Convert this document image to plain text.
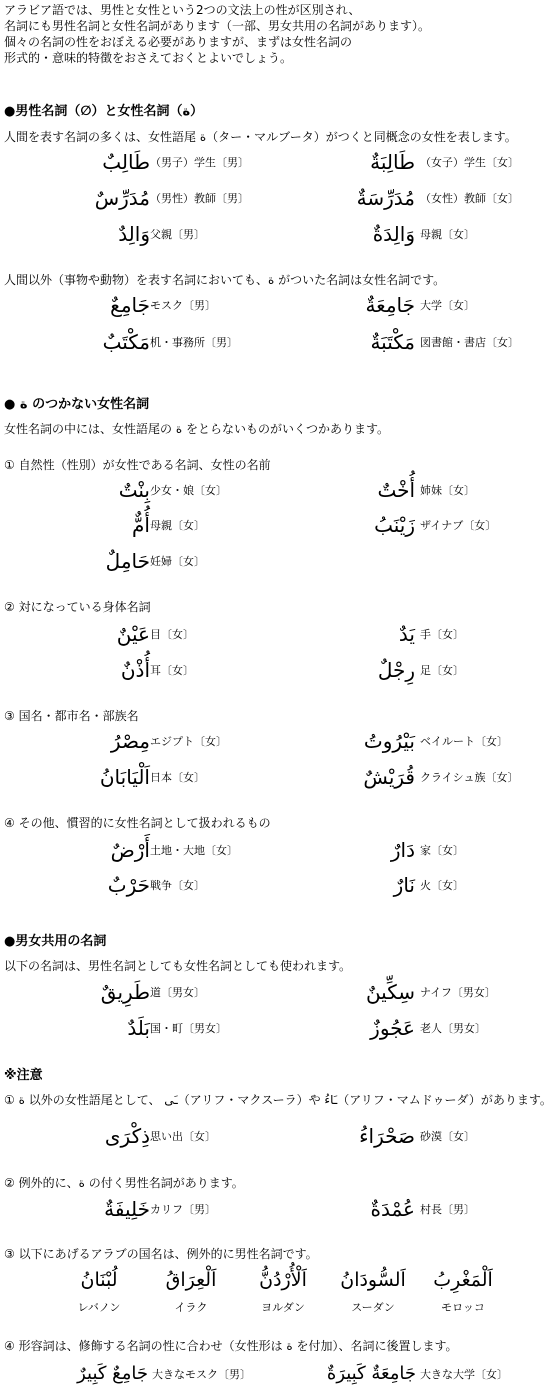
アラビア語では、男性と女性という2つの文法上の性が区別され、
名詞にも男性名詞と女性名詞があります（一部、男女共用の名詞があります）。
個々の名詞の性をおぼえる必要がありますが、まずは女性名詞の
形式的・意味的特徴をおさえておくとよいでしょう。
●男性名詞（∅）と女性名詞（ة）
人間を表す名詞の多くは、女性語尾 ة（ター・マルブータ）がつくと同概念の女性を表します。
طَالِبٌ （男子）学生〔男〕	طَالِبَةٌ （女子）学生〔女〕
مُدَرِّسٌ （男性）教師〔男〕	مُدَرِّسَةٌ （女性）教師〔女〕
وَالِدٌ 父親〔男〕	وَالِدَةٌ 母親〔女〕
人間以外（事物や動物）を表す名詞においても、ة がついた名詞は女性名詞です。
جَامِعٌ モスク〔男〕	جَامِعَةٌ 大学〔女〕
مَكْتَبٌ 机・事務所〔男〕	مَكْتَبَةٌ 図書館・書店〔女〕
● ة のつかない女性名詞
女性名詞の中には、女性語尾の ة をとらないものがいくつかあります。
① 自然性（性別）が女性である名詞、女性の名前
بِنْتٌ 少女・娘〔女〕	أُخْتٌ 姉妹〔女〕
أُمٌّ 母親〔女〕	زَيْنَبُ ザイナブ〔女〕
حَامِلٌ 妊婦〔女〕
② 対になっている身体名詞
عَيْنٌ 目〔女〕	يَدٌ 手〔女〕
أُذْنٌ 耳〔女〕	رِجْلٌ 足〔女〕
③ 国名・都市名・部族名
مِصْرُ エジプト〔女〕	بَيْرُوتُ ベイルート〔女〕
اَلْيَابَانُ 日本〔女〕	قُرَيْشٌ クライシュ族〔女〕
④ その他、慣習的に女性名詞として扱われるもの
أَرْضٌ 土地・大地〔女〕	دَارٌ 家〔女〕
حَرْبٌ 戦争〔女〕	نَارٌ 火〔女〕
●男女共用の名詞
以下の名詞は、男性名詞としても女性名詞としても使われます。
طَرِيقٌ 道〔男女〕	سِكِّينٌ ナイフ〔男女〕
بَلَدٌ 国・町〔男女〕	عَجُوزٌ 老人〔男女〕
※注意
① ة 以外の女性語尾として、 ـَى（アリフ・マクスーラ）や ـَاءُ（アリフ・マムドゥーダ）があります。
ذِكْرَى 思い出〔女〕	صَحْرَاءُ 砂漠〔女〕
② 例外的に、ة の付く男性名詞があります。
خَلِيفَةٌ カリフ〔男〕	عُمْدَةٌ 村長〔男〕
③ 以下にあげるアラブの国名は、例外的に男性名詞です。
لُبْنَانُ
レバノン
اَلْعِرَاقُ
イラク
اَلْأُرْدُنُّ
ヨルダン
اَلسُّودَانُ
スーダン
اَلْمَغْرِبُ
モロッコ
④ 形容詞は、修飾する名詞の性に合わせ（女性形は ة を付加）、名詞に後置します。
جَامِعٌ كَبِيرٌ 大きなモスク〔男〕	جَامِعَةٌ كَبِيرَةٌ 大きな大学〔女〕
